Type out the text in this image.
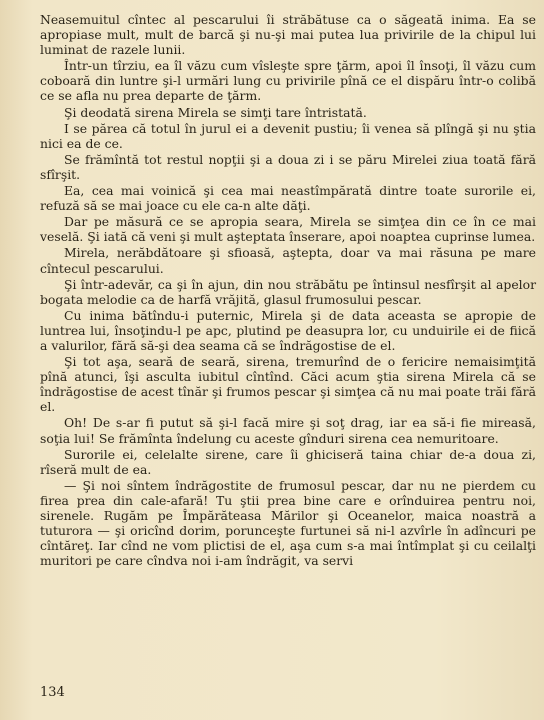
Neasemuitul cîntec al pescarului îi străbătuse ca o săgeată inima. Ea se apropiase mult, mult de barcă şi nu-şi mai putea lua privirile de la chipul lui luminat de razele lunii.

Într-un tîrziu, ea îl văzu cum vîsleşte spre ţărm, apoi îl însoţi, îl văzu cum coboară din luntre şi-l urmări lung cu privirile pînă ce el dispăru într-o colibă ce se afla nu prea departe de ţărm.

Şi deodată sirena Mirela se simţi tare întristată.

I se părea că totul în jurul ei a devenit pustiu; îi venea să plîngă şi nu ştia nici ea de ce.

Se frămîntă tot restul nopţii şi a doua zi i se păru Mirelei ziua toată fără sfîrşit.

Ea, cea mai voinică şi cea mai neastîmpărată dintre toate surorile ei, refuză să se mai joace cu ele ca-n alte dăţi.

Dar pe măsură ce se apropia seara, Mirela se simţea din ce în ce mai veselă. Şi iată că veni şi mult aşteptata înserare, apoi noaptea cuprinse lumea.

Mirela, nerăbdătoare şi sfioasă, aştepta, doar va mai răsuna pe mare cîntecul pescarului.

Şi într-adevăr, ca şi în ajun, din nou străbătu pe întinsul nesfîrşit al apelor bogata melodie ca de harfă vrăjită, glasul frumosului pescar.

Cu inima bătîndu-i puternic, Mirela şi de data aceasta se apropie de luntrea lui, însoţindu-l pe apc, plutind pe deasupra lor, cu unduirile ei de fiică a valurilor, fără să-şi dea seama că se îndrăgostise de el.

Şi tot aşa, seară de seară, sirena, tremurînd de o fericire nemaisimţită pînă atunci, îşi asculta iubitul cîntînd. Căci acum ştia sirena Mirela că se îndrăgostise de acest tînăr şi frumos pescar şi simţea că nu mai poate trăi fără el.

Oh! De s-ar fi putut să şi-l facă mire şi soţ drag, iar ea să-i fie mireasă, soţia lui! Se frămînta îndelung cu aceste gînduri sirena cea nemuritoare.

Surorile ei, celelalte sirene, care îi ghiciseră taina chiar de-a doua zi, rîseră mult de ea.

— Şi noi sîntem îndrăgostite de frumosul pescar, dar nu ne pierdem cu firea prea din cale-afară! Tu ştii prea bine care e orînduirea pentru noi, sirenele. Rugăm pe Împărăteasa Mărilor şi Oceanelor, maica noastră a tuturora — şi oricînd dorim, porunceşte furtunei să ni-l azvîrle în adîncuri pe cîntăreţ. Iar cînd ne vom plictisi de el, aşa cum s-a mai întîmplat şi cu ceilalţi muritori pe care cîndva noi i-am îndrăgit, va servi

134
